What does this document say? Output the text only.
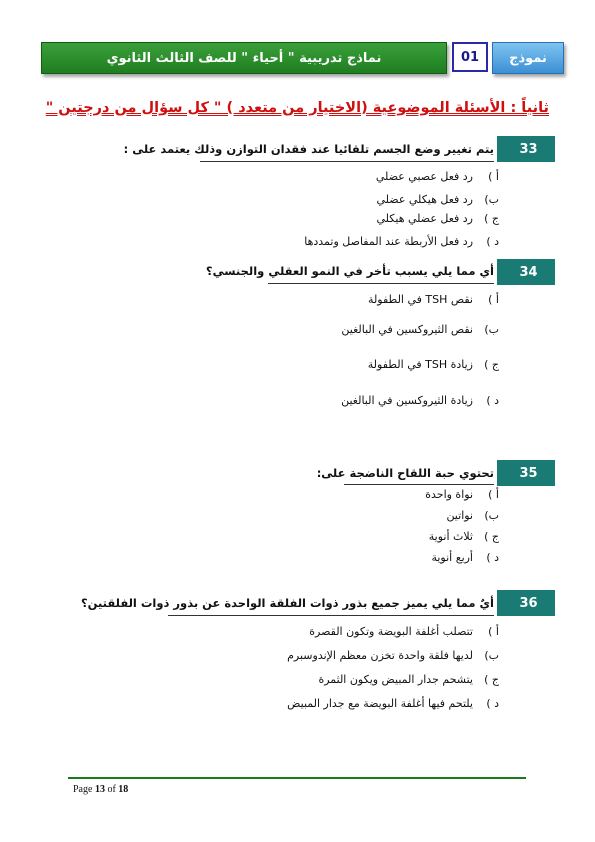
نماذج تدريبية " أحياء " للصف الثالث الثانوي	01	نموذج
ثانياً : الأسئلة الموضوعية (الاختيار من متعدد ) " كل سؤال من درجتين "
33
يتم تغيير وضع الجسم تلقائيا عند فقدان التوازن وذلك يعتمد على :
أ )
رد فعل عصبي عضلي
ب)
رد فعل هيكلي عضلي
ج )
رد فعل عضلي هيكلي
د )
رد فعل الأربطة عند المفاصل وتمددها
34
أي مما يلي يسبب تأخر في النمو العقلي والجنسي؟
أ )
نقص TSH في الطفولة
ب)
نقص الثيروكسين في البالغين
ج )
زيادة TSH في الطفولة
د )
زيادة الثيروكسين في البالغين
35
تحتوي حبة اللقاح الناضجة على:
أ )
نواة واحدة
ب)
نواتين
ج )
ثلاث أنوية
د )
أربع أنوية
36
أيٌ مما يلي يميز جميع بذور ذوات الفلقة الواحدة عن بذور ذوات الفلقتين؟
أ )
تتصلب أغلفة البويضة وتكون القصرة
ب)
لديها فلقة واحدة تخزن معظم الإندوسبرم
ج )
يتشحم جدار المبيض ويكون الثمرة
د )
يلتحم فيها أغلفة البويضة مع جدار المبيض
Page 13 of 18
